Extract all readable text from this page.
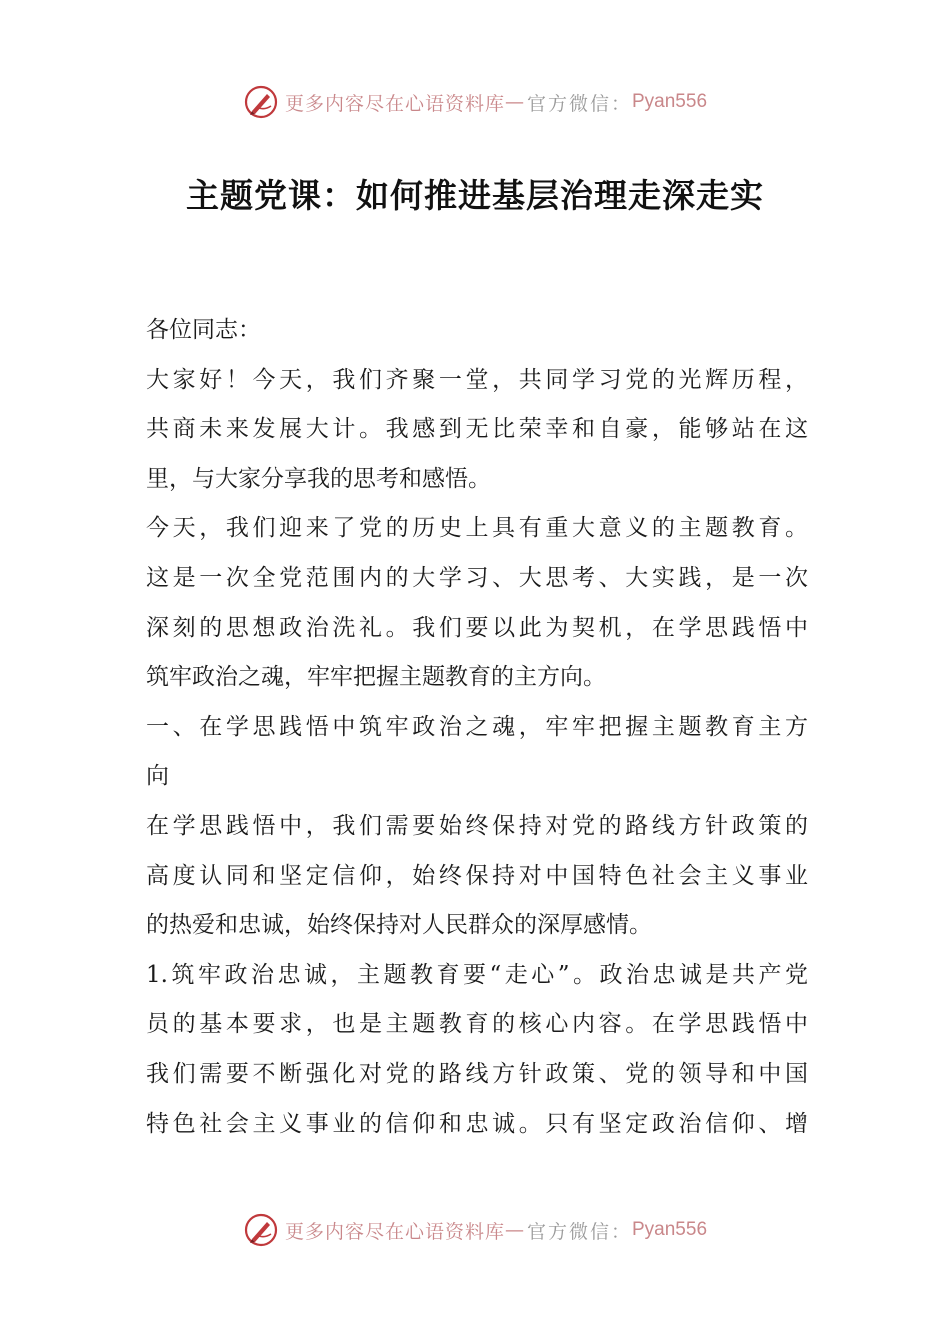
更多内容尽在心语资料库 — 官方微信： Pyan556
主题党课：如何推进基层治理走深走实
各位同志：
大家好！今天，我们齐聚一堂，共同学习党的光辉历程，
共商未来发展大计。我感到无比荣幸和自豪，能够站在这
里，与大家分享我的思考和感悟。
今天，我们迎来了党的历史上具有重大意义的主题教育。
这是一次全党范围内的大学习、大思考、大实践，是一次
深刻的思想政治洗礼。我们要以此为契机，在学思践悟中
筑牢政治之魂，牢牢把握主题教育的主方向。
一、在学思践悟中筑牢政治之魂，牢牢把握主题教育主方
向
在学思践悟中，我们需要始终保持对党的路线方针政策的
高度认同和坚定信仰，始终保持对中国特色社会主义事业
的热爱和忠诚，始终保持对人民群众的深厚感情。
1.筑牢政治忠诚，主题教育要“走心”。政治忠诚是共产党
员的基本要求，也是主题教育的核心内容。在学思践悟中
我们需要不断强化对党的路线方针政策、党的领导和中国
特色社会主义事业的信仰和忠诚。只有坚定政治信仰、增
更多内容尽在心语资料库 — 官方微信： Pyan556
